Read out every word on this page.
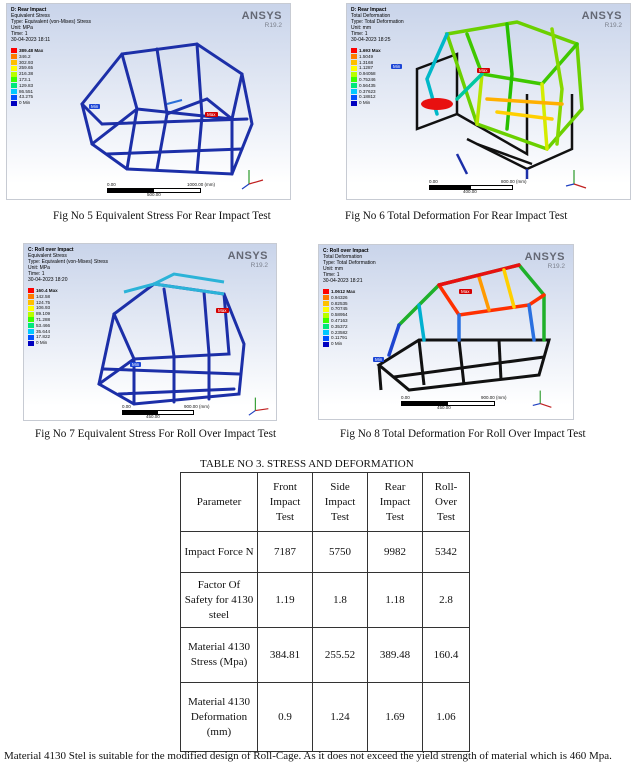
D: Rear Impact
Equivalent Stress
Type: Equivalent (von-Mises) Stress
Unit: MPa
Time: 1
30-04-2023 18:11
389.48 Max
346.2
302.93
259.65
216.38
173.1
129.83
86.551
43.275
0 Min
ANSYS
R19.2
Min
Max
0.00	1000.00 (mm)
500.00
D: Rear Impact
Total Deformation
Type: Total Deformation
Unit: mm
Time: 1
30-04-2023 18:25
1.693 Max
1.5049
1.3168
1.1287
0.94058
0.75246
0.56435
0.37623
0.18812
0 Min
ANSYS
R19.2
Min
Max
0.00	800.00 (mm)
400.00
Fig No 5 Equivalent Stress For Rear Impact Test	Fig No 6 Total Deformation For Rear Impact Test
C: Roll over Impact
Equivalent Stress
Type: Equivalent (von-Mises) Stress
Unit: MPa
Time: 1
30-04-2023 18:20
160.4 Max
142.58
124.75
106.93
89.109
71.288
53.466
35.644
17.822
0 Min
ANSYS
R19.2
Min
Max
0.00	900.00 (mm)
450.00
C: Roll over Impact
Total Deformation
Type: Total Deformation
Unit: mm
Time: 1
30-04-2023 18:21
1.0612 Max
0.94326
0.82535
0.70745
0.58954
0.47163
0.35372
0.23582
0.11791
0 Min
ANSYS
R19.2
Min
Max
0.00	900.00 (mm)
450.00
Fig No 7 Equivalent Stress For Roll Over Impact Test	Fig No 8 Total Deformation For Roll Over Impact Test
TABLE NO 3. STRESS AND DEFORMATION
Parameter	Front Impact Test	Side Impact Test	Rear Impact Test	Roll-Over Test
Impact Force N	7187	5750	9982	5342
Factor Of Safety for 4130 steel	1.19	1.8	1.18	2.8
Material 4130 Stress (Mpa)	384.81	255.52	389.48	160.4
Material 4130 Deformation (mm)	0.9	1.24	1.69	1.06
Material 4130 Stel is suitable for the modified design of Roll-Cage. As it does not exceed the yield strength of material which is 460 Mpa.
